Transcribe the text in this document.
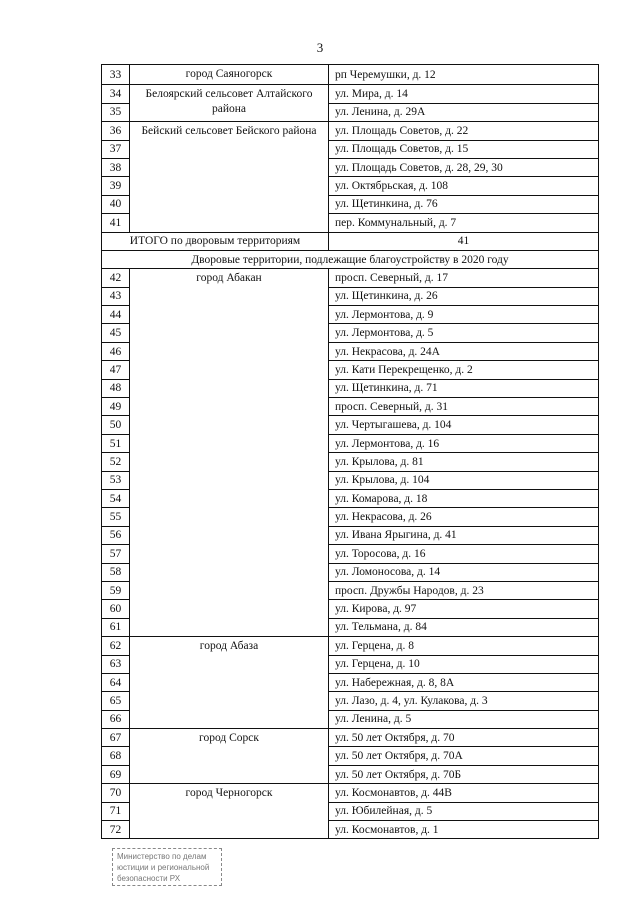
3
33	город Саяногорск	рп Черемушки, д. 12
34	Белоярский сельсовет Алтайского района	ул. Мира, д. 14
35		ул. Ленина, д. 29А
36	Бейский сельсовет Бейского района	ул. Площадь Советов, д. 22
37		ул. Площадь Советов, д. 15
38		ул. Площадь Советов, д. 28, 29, 30
39		ул. Октябрьская, д. 108
40		ул. Щетинкина, д. 76
41		пер. Коммунальный, д. 7
ИТОГО по дворовым территориям		41
Дворовые территории, подлежащие благоустройству в 2020 году		
42	город Абакан	просп. Северный, д. 17
43		ул. Щетинкина, д. 26
44		ул. Лермонтова, д. 9
45		ул. Лермонтова, д. 5
46		ул. Некрасова, д. 24А
47		ул. Кати Перекрещенко, д. 2
48		ул. Щетинкина, д. 71
49		просп. Северный, д. 31
50		ул. Чертыгашева, д. 104
51		ул. Лермонтова, д. 16
52		ул. Крылова, д. 81
53		ул. Крылова, д. 104
54		ул. Комарова, д. 18
55		ул. Некрасова, д. 26
56		ул. Ивана Ярыгина, д. 41
57		ул. Торосова, д. 16
58		ул. Ломоносова, д. 14
59		просп. Дружбы Народов, д. 23
60		ул. Кирова, д. 97
61		ул. Тельмана, д. 84
62	город Абаза	ул. Герцена, д. 8
63		ул. Герцена, д. 10
64		ул. Набережная, д. 8, 8А
65		ул. Лазо, д. 4, ул. Кулакова, д. 3
66		ул. Ленина, д. 5
67	город Сорск	ул. 50 лет Октября, д. 70
68		ул. 50 лет Октября, д. 70А
69		ул. 50 лет Октября, д. 70Б
70	город Черногорск	ул. Космонавтов, д. 44В
71		ул. Юбилейная, д. 5
72		ул. Космонавтов, д. 1
Министерство по делам
юстиции и региональной
безопасности РХ
